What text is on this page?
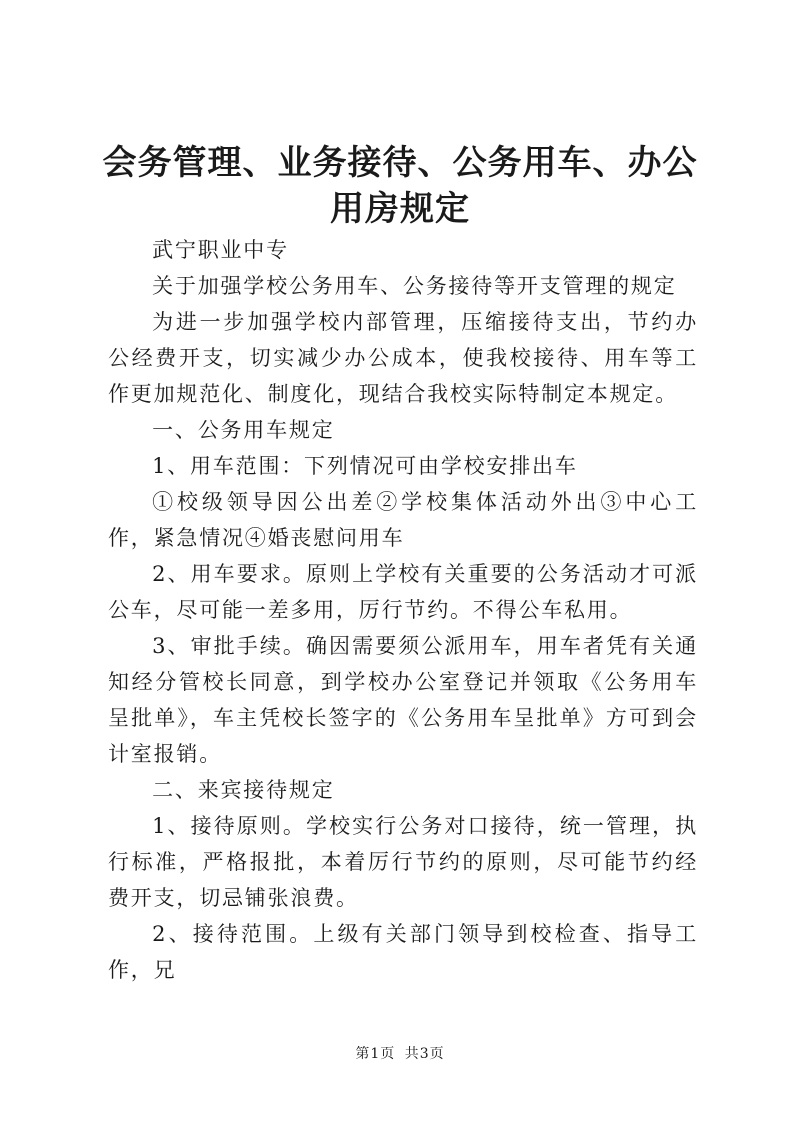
会务管理、业务接待、公务用车、办公用房规定

武宁职业中专

关于加强学校公务用车、公务接待等开支管理的规定

为进一步加强学校内部管理，压缩接待支出，节约办公经费开支，切实减少办公成本，使我校接待、用车等工作更加规范化、制度化，现结合我校实际特制定本规定。

一、公务用车规定

1、用车范围：下列情况可由学校安排出车

①校级领导因公出差②学校集体活动外出③中心工作，紧急情况④婚丧慰问用车

2、用车要求。原则上学校有关重要的公务活动才可派公车，尽可能一差多用，厉行节约。不得公车私用。

3、审批手续。确因需要须公派用车，用车者凭有关通知经分管校长同意，到学校办公室登记并领取《公务用车呈批单》，车主凭校长签字的《公务用车呈批单》方可到会计室报销。

二、来宾接待规定

1、接待原则。学校实行公务对口接待，统一管理，执行标准，严格报批，本着厉行节约的原则，尽可能节约经费开支，切忌铺张浪费。

2、接待范围。上级有关部门领导到校检查、指导工作，兄

第1页 共3页
